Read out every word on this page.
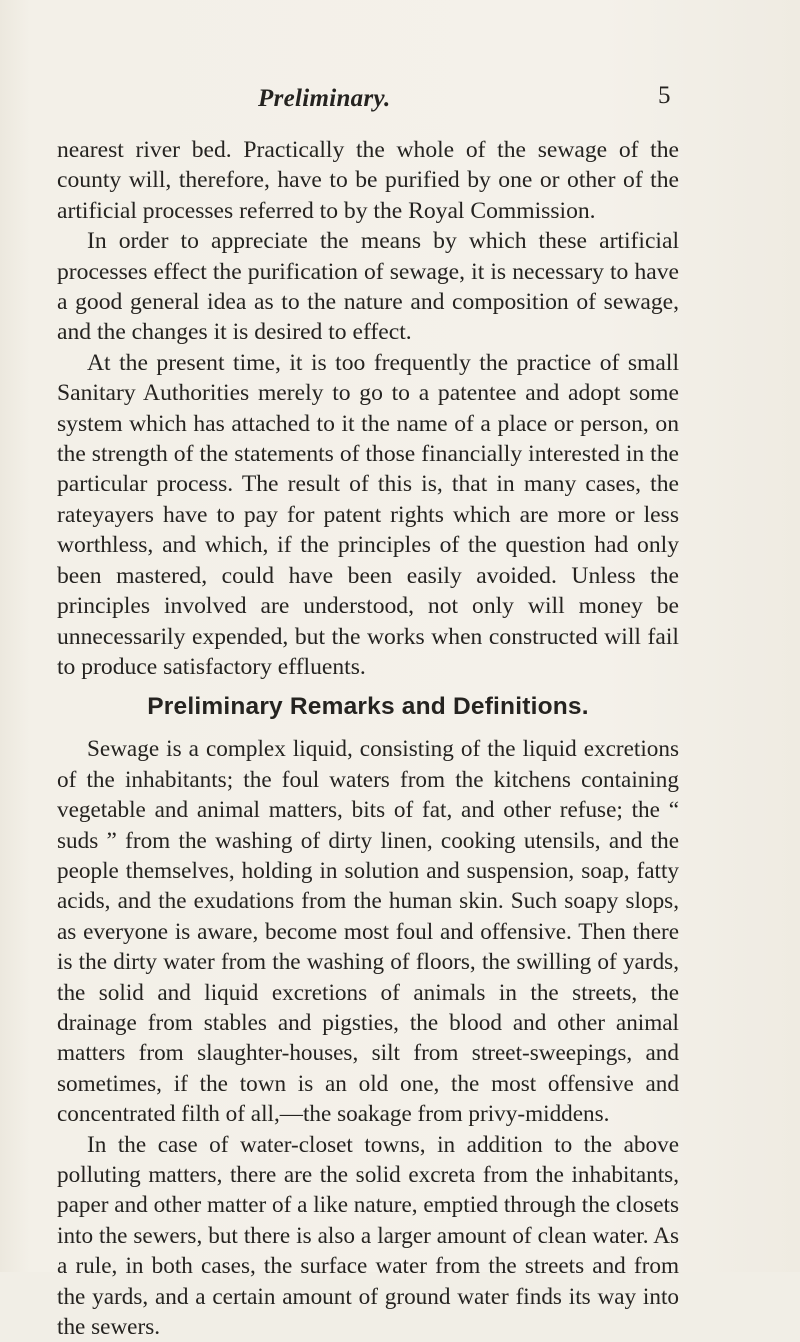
Preliminary.	5

nearest river bed. Practically the whole of the sewage of the county will, therefore, have to be purified by one or other of the artificial processes referred to by the Royal Commission.

In order to appreciate the means by which these artificial processes effect the purification of sewage, it is necessary to have a good general idea as to the nature and composition of sewage, and the changes it is desired to effect.

At the present time, it is too frequently the practice of small Sanitary Authorities merely to go to a patentee and adopt some system which has attached to it the name of a place or person, on the strength of the statements of those financially interested in the particular process. The result of this is, that in many cases, the rateyayers have to pay for patent rights which are more or less worthless, and which, if the principles of the question had only been mastered, could have been easily avoided. Unless the principles involved are understood, not only will money be unnecessarily expended, but the works when constructed will fail to produce satisfactory effluents.

Preliminary Remarks and Definitions.

Sewage is a complex liquid, consisting of the liquid excretions of the inhabitants; the foul waters from the kitchens containing vegetable and animal matters, bits of fat, and other refuse; the “ suds ” from the washing of dirty linen, cooking utensils, and the people themselves, holding in solution and suspension, soap, fatty acids, and the exudations from the human skin. Such soapy slops, as everyone is aware, become most foul and offensive. Then there is the dirty water from the washing of floors, the swilling of yards, the solid and liquid excretions of animals in the streets, the drainage from stables and pigsties, the blood and other animal matters from slaughter-houses, silt from street-sweepings, and sometimes, if the town is an old one, the most offensive and concentrated filth of all,—the soakage from privy-middens.

In the case of water-closet towns, in addition to the above polluting matters, there are the solid excreta from the inhabitants, paper and other matter of a like nature, emptied through the closets into the sewers, but there is also a larger amount of clean water. As a rule, in both cases, the surface water from the streets and from the yards, and a certain amount of ground water finds its way into the sewers.
